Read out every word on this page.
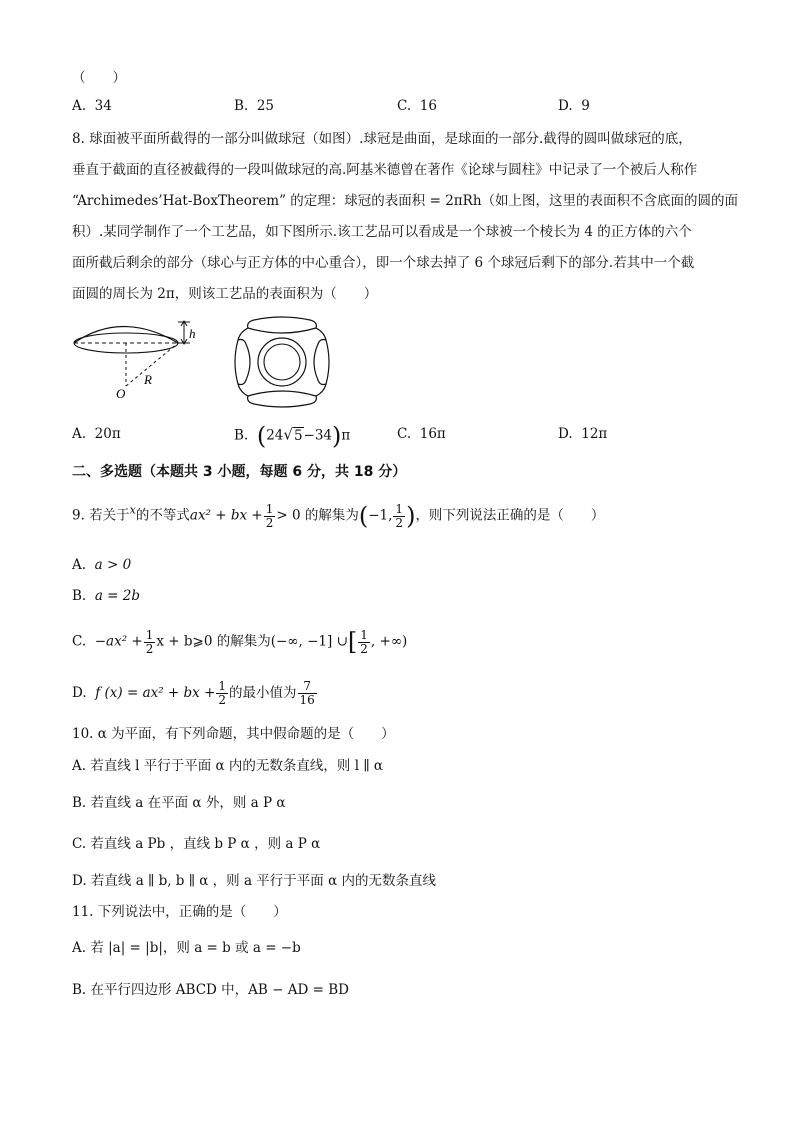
（　　）
A. 34	B. 25	C. 16	D. 9
8. 球面被平面所截得的一部分叫做球冠（如图）.球冠是曲面，是球面的一部分.截得的圆叫做球冠的底，
垂直于截面的直径被截得的一段叫做球冠的高.阿基米德曾在著作《论球与圆柱》中记录了一个被后人称作
“Archimedes’Hat-BoxTheorem” 的定理：球冠的表面积 = 2πRh（如上图，这里的表面积不含底面的圆的面
积）.某同学制作了一个工艺品，如下图所示.该工艺品可以看成是一个球被一个棱长为 4 的正方体的六个
面所截后剩余的部分（球心与正方体的中心重合），即一个球去掉了 6 个球冠后剩下的部分.若其中一个截
面圆的周长为 2π，则该工艺品的表面积为（　　）
h
O
R
A. 20π	B. (24√5−34)π	C. 16π	D. 12π
二、多选题（本题共 3 小题，每题 6 分，共 18 分）
9. 若关于$^x$的不等式ax² + bx + $\frac{1}{2} > 0$ 的解集为(−1, $\frac{1}{2}$ )，则下列说法正确的是（　　）
A. a > 0
B. a = 2b
C. $-ax^2 + \frac{1}{2}$ x + b⩾0 的解集为(−∞, −1] ∪[ $\frac{1}{2}$ , +∞)
D. f (x) = ax² + bx + $\frac{1}{2}$ 的最小值为 $\frac{7}{16}$
10. α 为平面，有下列命题，其中假命题的是（　　）
A. 若直线 l 平行于平面 α 内的无数条直线，则 l ∥ α
B. 若直线 a 在平面 α 外，则 a P α
C. 若直线 a Pb ，直线 b P α ，则 a P α
D. 若直线 a ∥ b, b ∥ α ，则 a 平行于平面 α 内的无数条直线
11. 下列说法中，正确的是（　　）
A. 若 |a| = |b|，则 a = b 或 a = −b
B. 在平行四边形 ABCD 中，AB − AD = BD
